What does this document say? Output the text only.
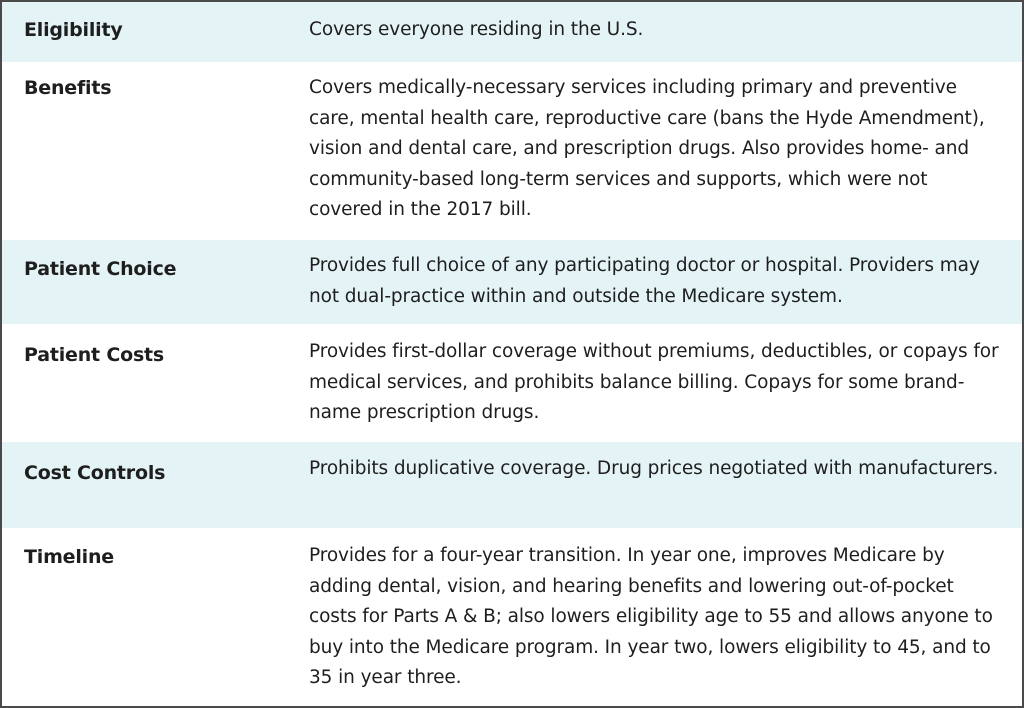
Eligibility	Covers everyone residing in the U.S.
Benefits	Covers medically-necessary services including primary and preventive care, mental health care, reproductive care (bans the Hyde Amendment), vision and dental care, and prescription drugs. Also provides home- and community-based long-term services and supports, which were not covered in the 2017 bill.
Patient Choice	Provides full choice of any participating doctor or hospital. Providers may not dual-practice within and outside the Medicare system.
Patient Costs	Provides first-dollar coverage without premiums, deductibles, or copays for medical services, and prohibits balance billing. Copays for some brand-name prescription drugs.
Cost Controls	Prohibits duplicative coverage. Drug prices negotiated with manufacturers.
Timeline	Provides for a four-year transition. In year one, improves Medicare by adding dental, vision, and hearing benefits and lowering out-of-pocket costs for Parts A & B; also lowers eligibility age to 55 and allows anyone to buy into the Medicare program. In year two, lowers eligibility to 45, and to 35 in year three.
